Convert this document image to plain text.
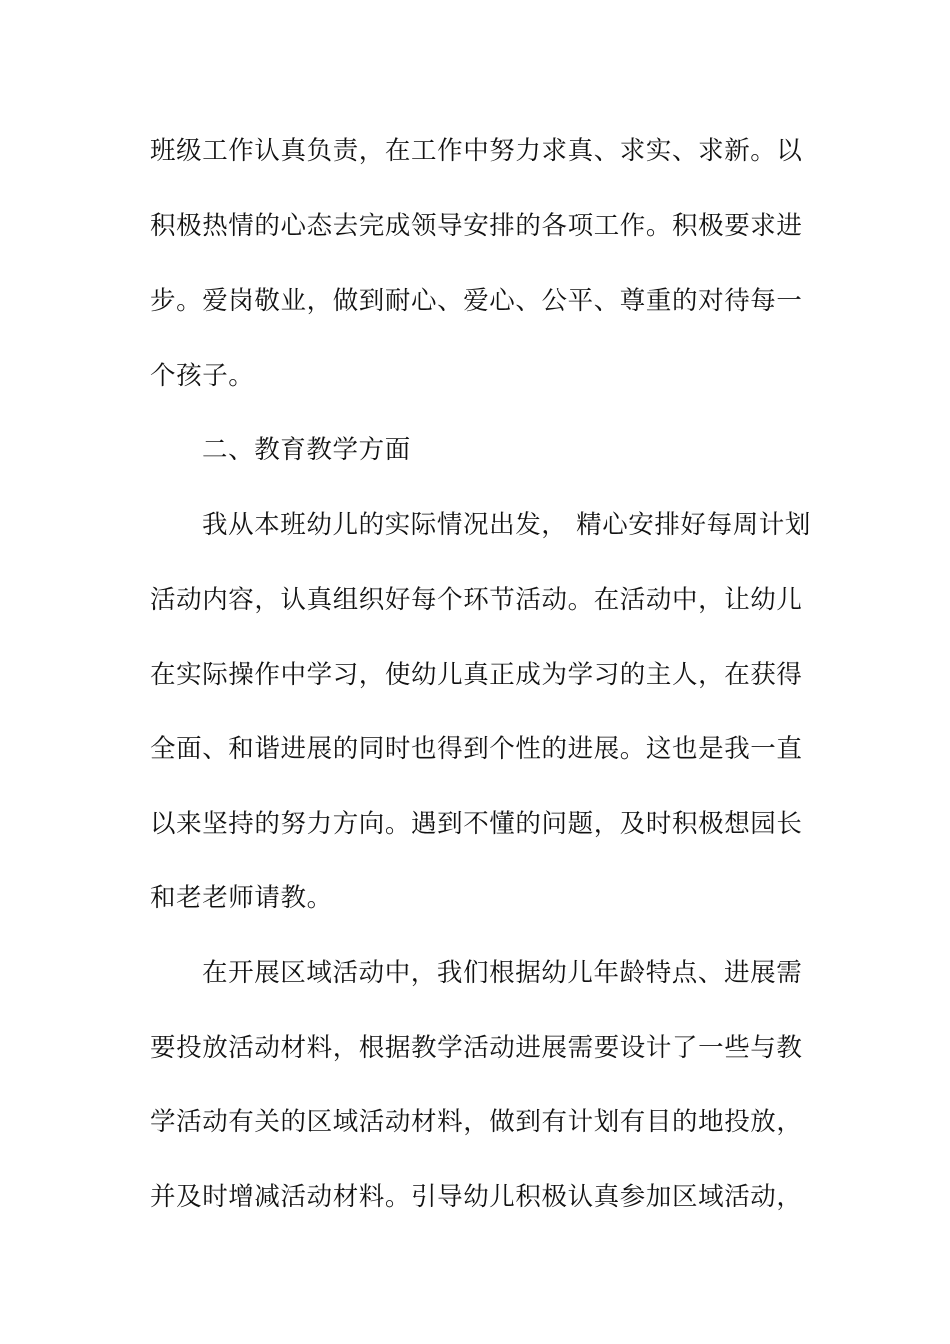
班级工作认真负责，在工作中努力求真、求实、求新。以
积极热情的心态去完成领导安排的各项工作。积极要求进
步。爱岗敬业，做到耐心、爱心、公平、尊重的对待每一
个孩子。
二、教育教学方面
我从本班幼儿的实际情况出发， 精心安排好每周计划
活动内容，认真组织好每个环节活动。在活动中，让幼儿
在实际操作中学习，使幼儿真正成为学习的主人，在获得
全面、和谐进展的同时也得到个性的进展。这也是我一直
以来坚持的努力方向。遇到不懂的问题，及时积极想园长
和老老师请教。
在开展区域活动中，我们根据幼儿年龄特点、进展需
要投放活动材料，根据教学活动进展需要设计了一些与教
学活动有关的区域活动材料，做到有计划有目的地投放，
并及时增减活动材料。引导幼儿积极认真参加区域活动，
